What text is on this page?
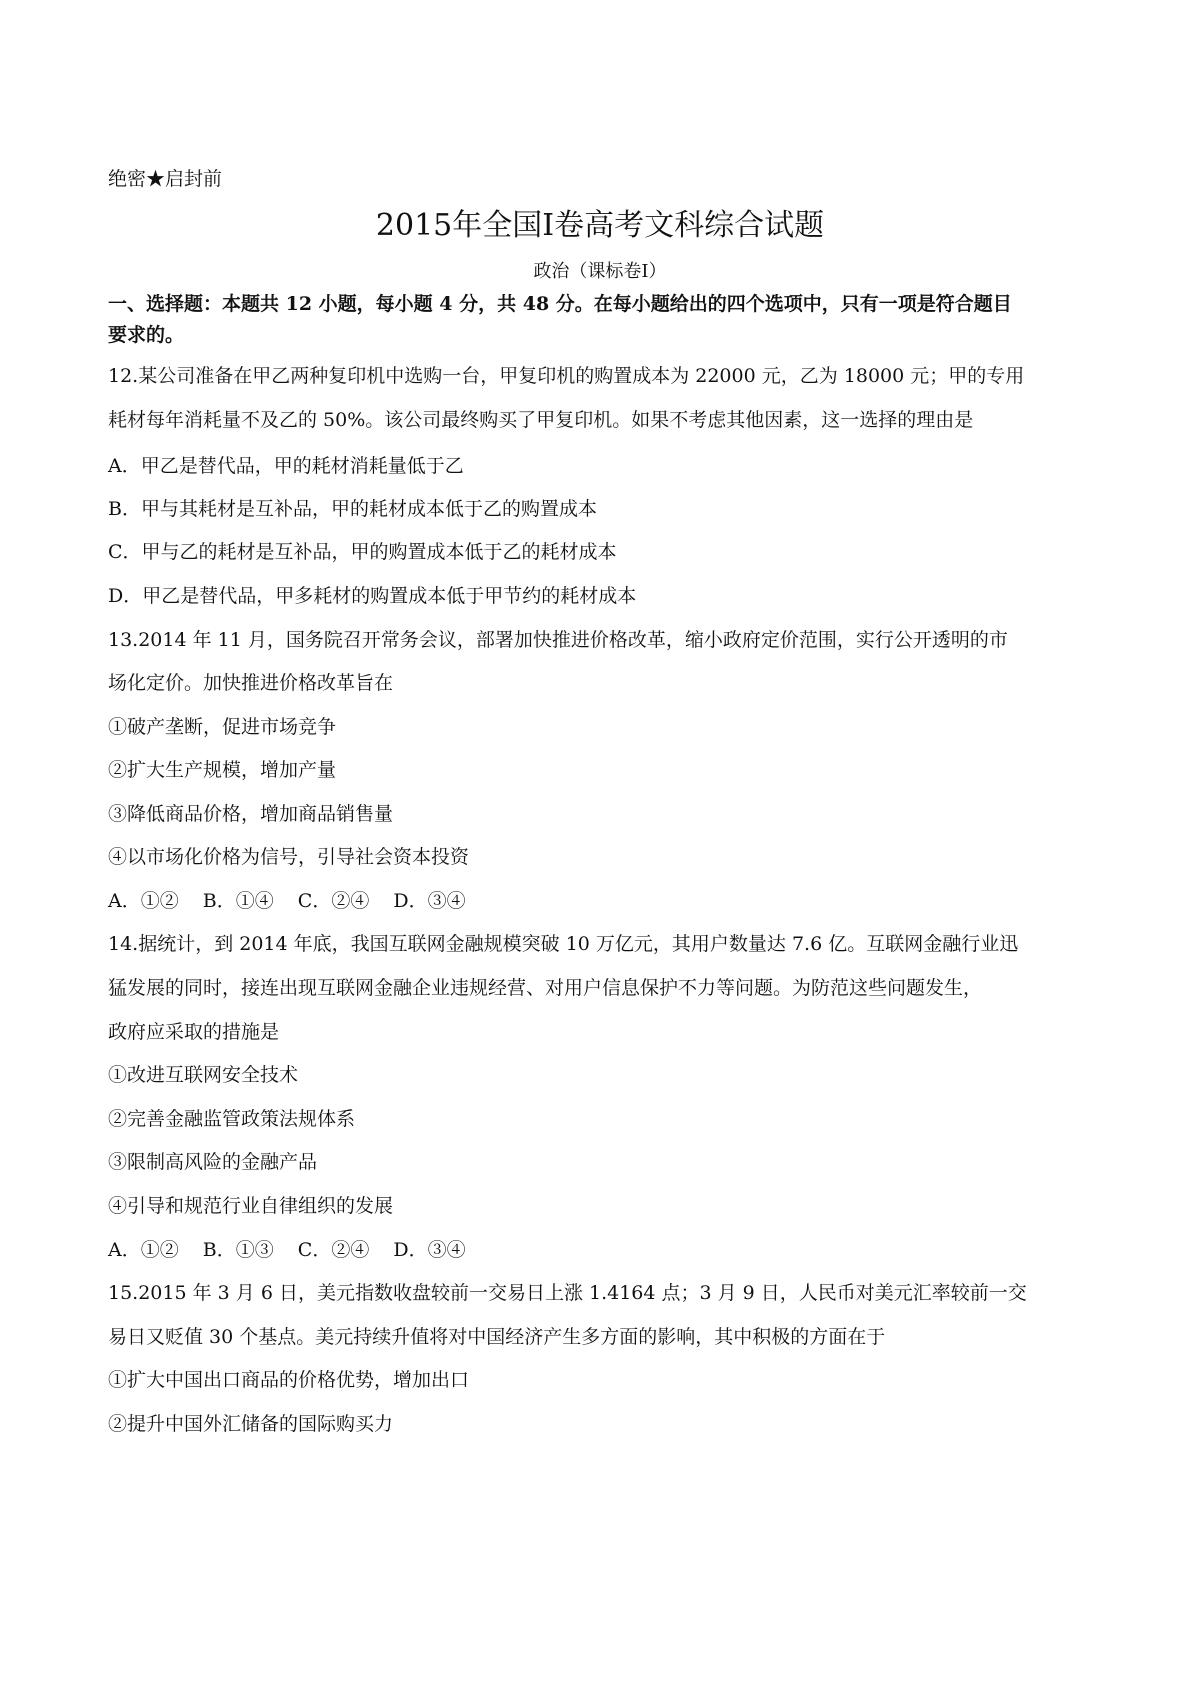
绝密★启封前
2015年全国Ⅰ卷高考文科综合试题
政治（课标卷Ⅰ）
一、选择题：本题共 12 小题，每小题 4 分，共 48 分。在每小题给出的四个选项中，只有一项是符合题目
要求的。
12.某公司准备在甲乙两种复印机中选购一台，甲复印机的购置成本为 22000 元，乙为 18000 元；甲的专用
耗材每年消耗量不及乙的 50%。该公司最终购买了甲复印机。如果不考虑其他因素，这一选择的理由是
A．甲乙是替代品，甲的耗材消耗量低于乙
B．甲与其耗材是互补品，甲的耗材成本低于乙的购置成本
C．甲与乙的耗材是互补品，甲的购置成本低于乙的耗材成本
D．甲乙是替代品，甲多耗材的购置成本低于甲节约的耗材成本
13.2014 年 11 月，国务院召开常务会议，部署加快推进价格改革，缩小政府定价范围，实行公开透明的市
场化定价。加快推进价格改革旨在
①破产垄断，促进市场竞争
②扩大生产规模，增加产量
③降低商品价格，增加商品销售量
④以市场化价格为信号，引导社会资本投资
A．①② B．①④ C．②④ D．③④
14.据统计，到 2014 年底，我国互联网金融规模突破 10 万亿元，其用户数量达 7.6 亿。互联网金融行业迅
猛发展的同时，接连出现互联网金融企业违规经营、对用户信息保护不力等问题。为防范这些问题发生，
政府应采取的措施是
①改进互联网安全技术
②完善金融监管政策法规体系
③限制高风险的金融产品
④引导和规范行业自律组织的发展
A．①② B．①③ C．②④ D．③④
15.2015 年 3 月 6 日，美元指数收盘较前一交易日上涨 1.4164 点；3 月 9 日，人民币对美元汇率较前一交
易日又贬值 30 个基点。美元持续升值将对中国经济产生多方面的影响，其中积极的方面在于
①扩大中国出口商品的价格优势，增加出口
②提升中国外汇储备的国际购买力
